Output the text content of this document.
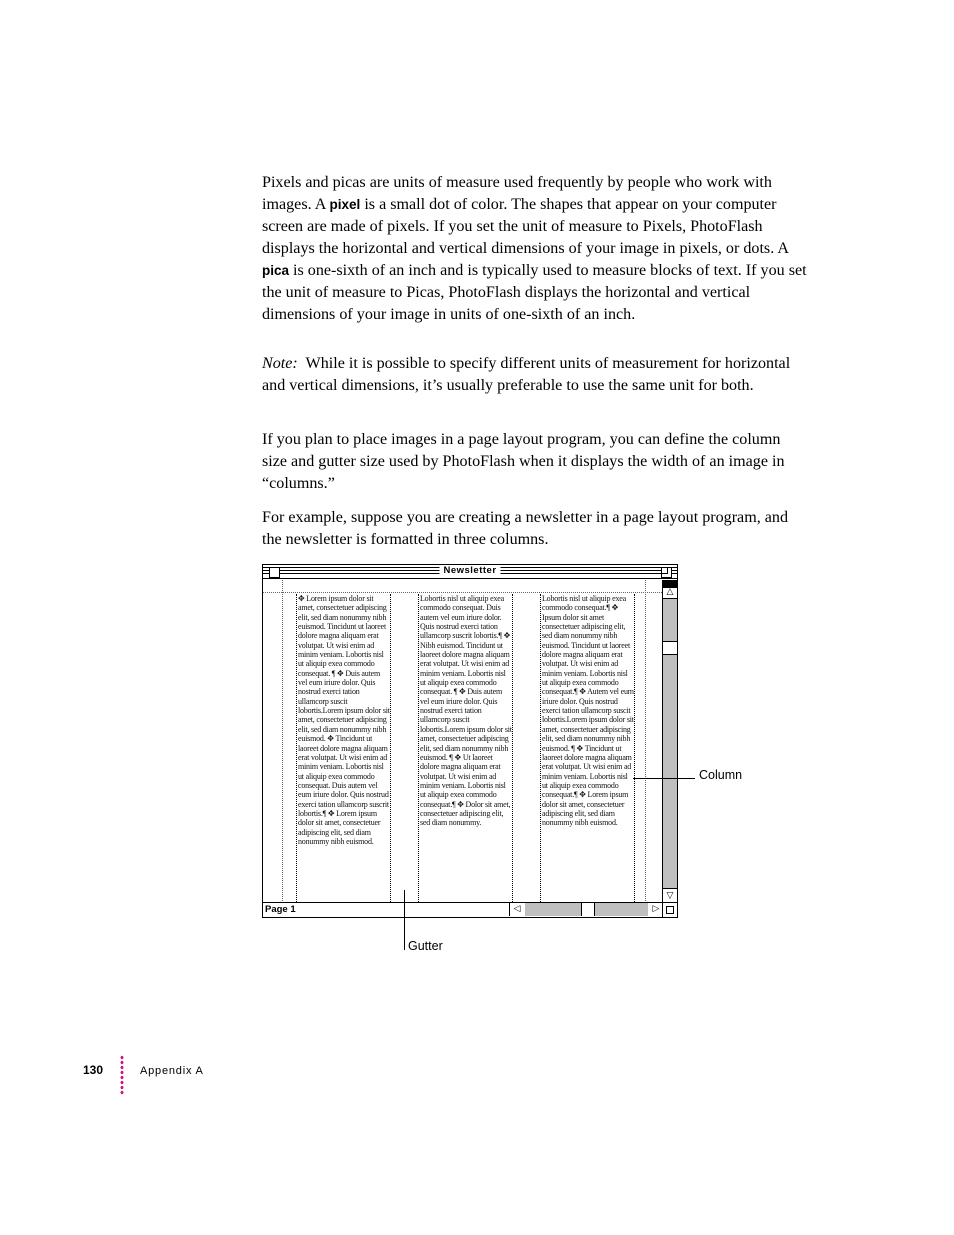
Pixels and picas are units of measure used frequently by people who work with images. A pixel is a small dot of color. The shapes that appear on your computer screen are made of pixels. If you set the unit of measure to Pixels, PhotoFlash displays the horizontal and vertical dimensions of your image in pixels, or dots. A pica is one-sixth of an inch and is typically used to measure blocks of text. If you set the unit of measure to Picas, PhotoFlash displays the horizontal and vertical dimensions of your image in units of one-sixth of an inch.

Note: While it is possible to specify different units of measurement for horizontal and vertical dimensions, it’s usually preferable to use the same unit for both.

If you plan to place images in a page layout program, you can define the column size and gutter size used by PhotoFlash when it displays the width of an image in “columns.”

For example, suppose you are creating a newsletter in a page layout program, and the newsletter is formatted in three columns.

Newsletter
✥ Lorem ipsum dolor sit amet, consectetuer adipiscing elit, sed diam nonummy nibh euismod. Tincidunt ut laoreet dolore magna aliquam erat volutpat. Ut wisi enim ad minim veniam. Lobortis nisl ut aliquip exea commodo consequat. ¶ ✥ Duis autem vel eum iriure dolor. Quis nostrud exerci tation ullamcorp suscit lobortis.Lorem ipsum dolor sit amet, consectetuer adipiscing elit, sed diam nonummy nibh euismod. ✥ Tincidunt ut laoreet dolore magna aliquam erat volutpat. Ut wisi enim ad minim veniam. Lobortis nisl ut aliquip exea commodo consequat. Duis autem vel eum iriure dolor. Quis nostrud exerci tation ullamcorp suscrit lobortis.¶ ✥ Lorem ipsum dolor sit amet, consectetuer adipiscing elit, sed diam nonummy nibh euismod.
Lobortis nisl ut aliquip exea commodo consequat. Duis autem vel eum iriure dolor. Quis nostrud exerci tation ullamcorp suscrit lobortis.¶ ✥ Nibh euismod. Tincidunt ut laoreet dolore magna aliquam erat volutpat. Ut wisi enim ad minim veniam. Lobortis nisl ut aliquip exea commodo consequat. ¶ ✥ Duis autem vel eum iriure dolor. Quis nostrud exerci tation ullamcorp suscit lobortis.Lorem ipsum dolor sit amet, consectetuer adipiscing elit, sed diam nonummy nibh euismod. ¶ ✥ Ut laoreet dolore magna aliquam erat volutpat. Ut wisi enim ad minim veniam. Lobortis nisl ut aliquip exea commodo consequat.¶ ✥ Dolor sit amet, consectetuer adipiscing elit, sed diam nonummy.
Lobortis nisl ut aliquip exea commodo consequat.¶ ✥ Ipsum dolor sit amet consectetuer adipiscing elit, sed diam nonummy nibh euismod. Tincidunt ut laoreet dolore magna aliquam erat volutpat. Ut wisi enim ad minim veniam. Lobortis nisl ut aliquip exea commodo consequat.¶ ✥ Autem vel eum iriure dolor. Quis nostrud exerci tation ullamcorp suscit lobortis.Lorem ipsum dolor sit amet, consectetuer adipiscing elit, sed diam nonummy nibh euismod. ¶ ✥ Tincidunt ut laoreet dolore magna aliquam erat volutpat. Ut wisi enim ad minim veniam. Lobortis nisl ut aliquip exea commodo consequat.¶ ✥ Lorem ipsum dolor sit amet, consectetuer adipiscing elit, sed diam nonummy nibh euismod.
△
▽
Page 1	◁	▷
Column
Gutter
130	Appendix A
